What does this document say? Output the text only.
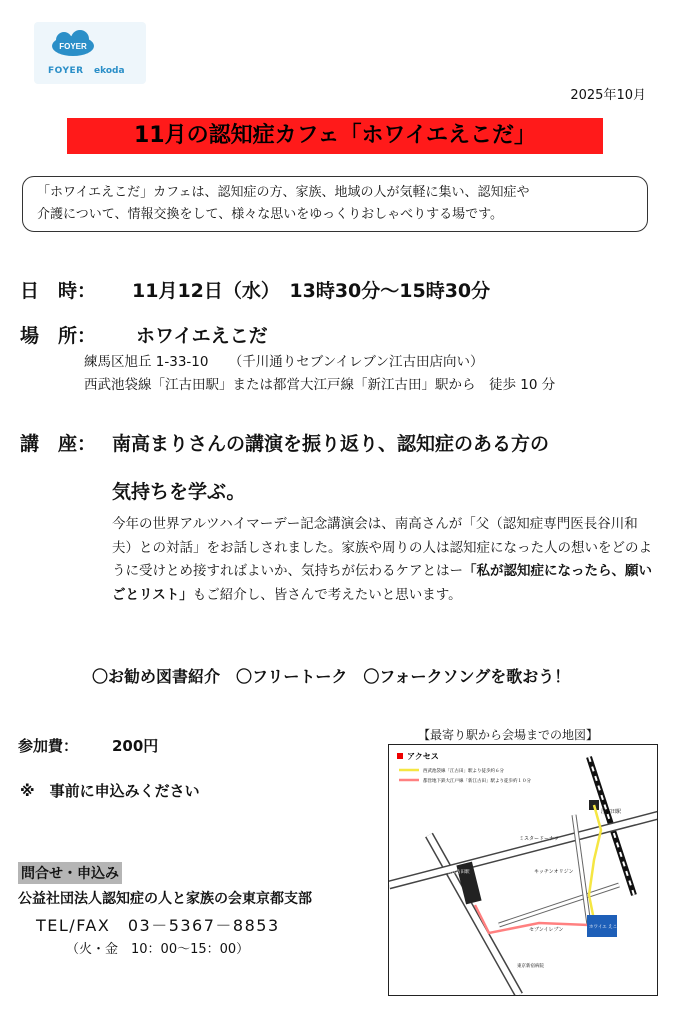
FOYER
FOYER ekoda
2025年10月
11月の認知症カフェ「ホワイエえこだ」
「ホワイエえこだ」カフェは、認知症の方、家族、地域の人が気軽に集い、認知症や
介護について、情報交換をして、様々な思いをゆっくりおしゃべりする場です。
日　時： 11月12日（水）　13時30分～15時30分
場　所： ホワイエえこだ
練馬区旭丘 1-33-10　　（千川通りセブンイレブン江古田店向い）
西武池袋線「江古田駅」または都営大江戸線「新江古田」駅から　徒歩 10 分
講　座： 南高まりさんの講演を振り返り、認知症のある方の
気持ちを学ぶ。
今年の世界アルツハイマーデー記念講演会は、南高さんが「父（認知症専門医長谷川和夫）との対話」をお話しされました。家族や周りの人は認知症になった人の想いをどのように受けとめ接すればよいか、気持ちが伝わるケアとはー「私が認知症になったら、願いごとリスト」もご紹介し、皆さんで考えたいと思います。
〇お勧め図書紹介　〇フリートーク　〇フォークソングを歌おう！
参加費： 200円
※　事前に申込みください
問合せ・申込み
公益社団法人認知症の人と家族の会東京都支部
TEL/FAX　03－5367－8853
（火・金　10：00～15：00）
【最寄り駅から会場までの地図】
アクセス
西武池袋線「江古田」駅より徒歩約６分
都営地下鉄大江戸線「新江古田」駅より徒歩約１０分
江古田駅
新江古田駅
ミスタードーナツ
キッチンオリジン
セブンイレブン
東京新宿病院
ホワイエ えこだ
